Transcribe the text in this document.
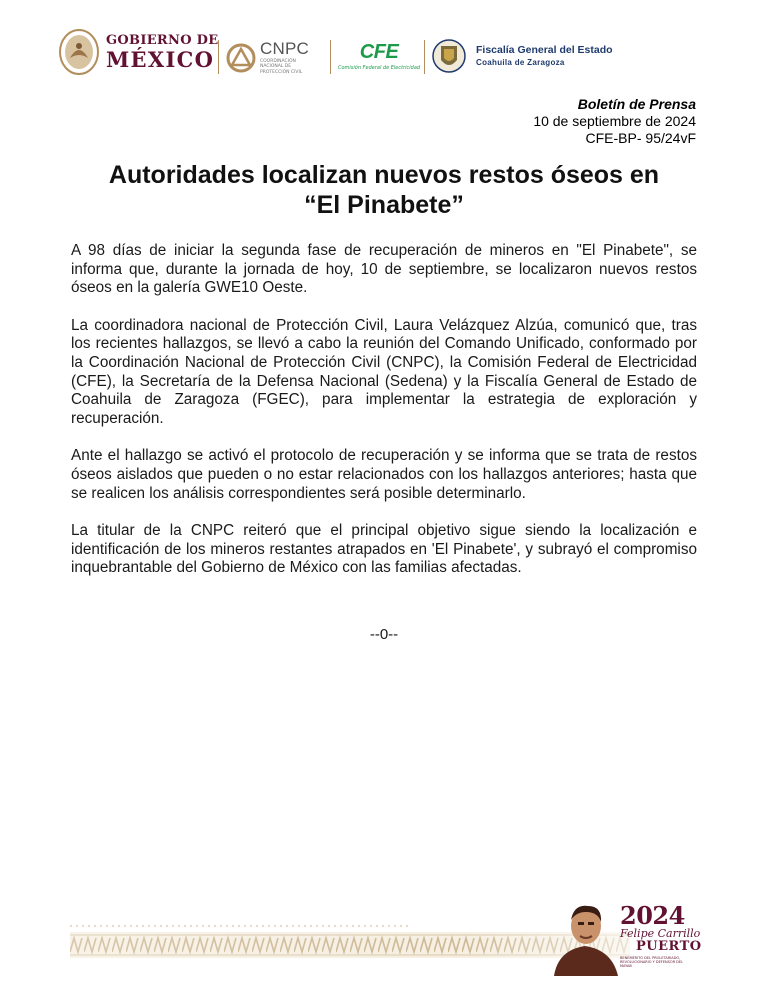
GOBIERNO DE
MÉXICO	CNPC
COORDINACIÓN NACIONAL DE PROTECCIÓN CIVIL
CFE
Comisión Federal de Electricidad
Fiscalía General del Estado
Coahuila de Zaragoza
Boletín de Prensa
10 de septiembre de 2024
CFE-BP- 95/24vF
Autoridades localizan nuevos restos óseos en
“El Pinabete”

A 98 días de iniciar la segunda fase de recuperación de mineros en "El Pinabete", se informa que, durante la jornada de hoy, 10 de septiembre, se localizaron nuevos restos óseos en la galería GWE10 Oeste.

La coordinadora nacional de Protección Civil, Laura Velázquez Alzúa, comunicó que, tras los recientes hallazgos, se llevó a cabo la reunión del Comando Unificado, conformado por la Coordinación Nacional de Protección Civil (CNPC), la Comisión Federal de Electricidad (CFE), la Secretaría de la Defensa Nacional (Sedena) y la Fiscalía General de Estado de Coahuila de Zaragoza (FGEC), para implementar la estrategia de exploración y recuperación.

Ante el hallazgo se activó el protocolo de recuperación y se informa que se trata de restos óseos aislados que pueden o no estar relacionados con los hallazgos anteriores; hasta que se realicen los análisis correspondientes será posible determinarlo.

La titular de la CNPC reiteró que el principal objetivo sigue siendo la localización e identificación de los mineros restantes atrapados en 'El Pinabete', y subrayó el compromiso inquebrantable del Gobierno de México con las familias afectadas.

--0--
2024
Felipe Carrillo
PUERTO
BENEMÉRITO DEL PROLETARIADO, REVOLUCIONARIO Y DEFENSOR DEL MAYAB
